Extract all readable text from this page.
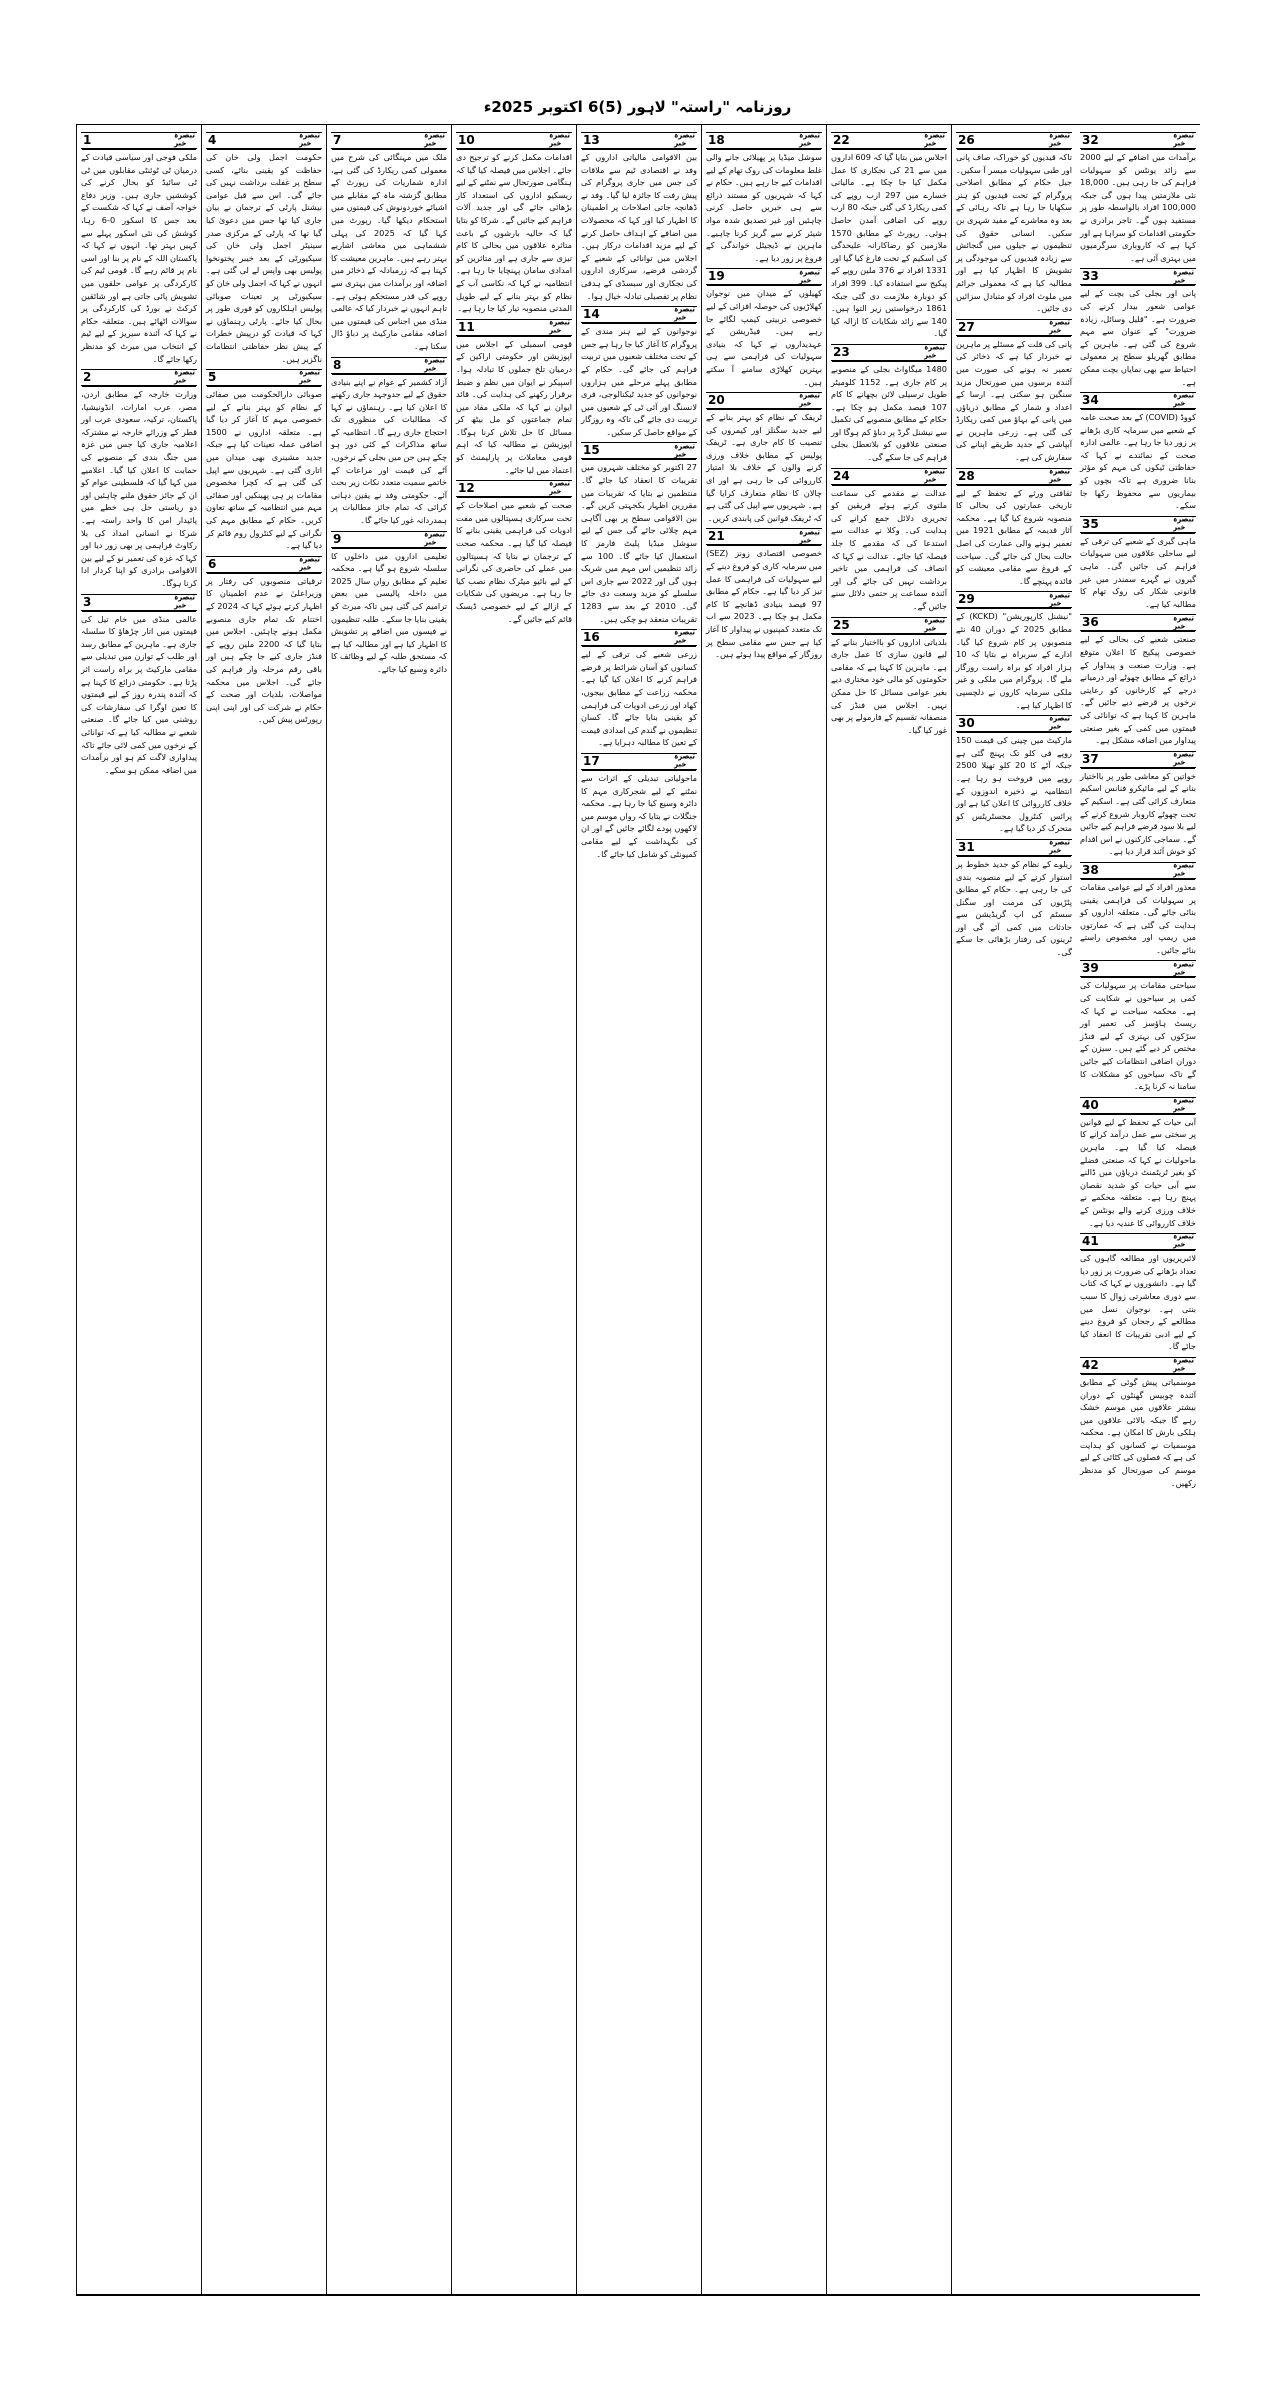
روزنامہ "راستہ" لاہور (5)6 اکتوبر 2025ء
1	تبصرہ
خبر
ملکی فوجی اور سیاسی قیادت کے درمیان ٹی ٹوئنٹی مقابلوں میں ٹی ٹی سائیڈ کو بحال کرنے کی کوششیں جاری ہیں۔ وزیر دفاع خواجہ آصف نے کہا کہ شکست کے بعد جس کا اسکور 0-6 رہا، کوشش کی نئی اسکور پہلے سے کہیں بہتر تھا۔ انہوں نے کہا کہ پاکستان اللہ کے نام پر بنا اور اسی نام پر قائم رہے گا۔ قومی ٹیم کی کارکردگی پر عوامی حلقوں میں تشویش پائی جاتی ہے اور شائقین کرکٹ نے بورڈ کی کارکردگی پر سوالات اٹھائے ہیں۔ متعلقہ حکام نے کہا کہ آئندہ سیریز کے لیے ٹیم کے انتخاب میں میرٹ کو مدنظر رکھا جائے گا۔
2	تبصرہ
خبر
وزارت خارجہ کے مطابق اردن، مصر، عرب امارات، انڈونیشیا، پاکستان، ترکیہ، سعودی عرب اور قطر کے وزرائے خارجہ نے مشترکہ اعلامیہ جاری کیا جس میں غزہ میں جنگ بندی کے منصوبے کی حمایت کا اعلان کیا گیا۔ اعلامیے میں کہا گیا کہ فلسطینی عوام کو ان کے جائز حقوق ملنے چاہئیں اور دو ریاستی حل ہی خطے میں پائیدار امن کا واحد راستہ ہے۔ شرکا نے انسانی امداد کی بلا رکاوٹ فراہمی پر بھی زور دیا اور کہا کہ غزہ کی تعمیر نو کے لیے بین الاقوامی برادری کو اپنا کردار ادا کرنا ہوگا۔
3	تبصرہ
خبر
عالمی منڈی میں خام تیل کی قیمتوں میں اتار چڑھاؤ کا سلسلہ جاری ہے۔ ماہرین کے مطابق رسد اور طلب کے توازن میں تبدیلی سے مقامی مارکیٹ پر براہ راست اثر پڑتا ہے۔ حکومتی ذرائع کا کہنا ہے کہ آئندہ پندرہ روز کے لیے قیمتوں کا تعین اوگرا کی سفارشات کی روشنی میں کیا جائے گا۔ صنعتی شعبے نے مطالبہ کیا ہے کہ توانائی کے نرخوں میں کمی لائی جائے تاکہ پیداواری لاگت کم ہو اور برآمدات میں اضافہ ممکن ہو سکے۔
4	تبصرہ
خبر
حکومت اجمل ولی خان کی حفاظت کو یقینی بنائے، کسی سطح پر غفلت برداشت نہیں کی جائے گی۔ اس سے قبل عوامی نیشنل پارٹی کے ترجمان نے بیان جاری کیا تھا جس میں دعویٰ کیا گیا تھا کہ پارٹی کے مرکزی صدر سینیٹر اجمل ولی خان کی سیکیورٹی کے بعد خیبر پختونخوا پولیس بھی واپس لے لی گئی ہے۔ انہوں نے کہا کہ اجمل ولی خان کو سیکیورٹی پر تعینات صوبائی پولیس اہلکاروں کو فوری طور پر بحال کیا جائے۔ پارٹی رہنماؤں نے کہا کہ قیادت کو درپیش خطرات کے پیش نظر حفاظتی انتظامات ناگزیر ہیں۔
5	تبصرہ
خبر
صوبائی دارالحکومت میں صفائی کے نظام کو بہتر بنانے کے لیے خصوصی مہم کا آغاز کر دیا گیا ہے۔ متعلقہ اداروں نے 1500 اضافی عملہ تعینات کیا ہے جبکہ جدید مشینری بھی میدان میں اتاری گئی ہے۔ شہریوں سے اپیل کی گئی ہے کہ کچرا مخصوص مقامات پر ہی پھینکیں اور صفائی مہم میں انتظامیہ کے ساتھ تعاون کریں۔ حکام کے مطابق مہم کی نگرانی کے لیے کنٹرول روم قائم کر دیا گیا ہے۔
6	تبصرہ
خبر
ترقیاتی منصوبوں کی رفتار پر وزیراعلیٰ نے عدم اطمینان کا اظہار کرتے ہوئے کہا کہ 2024 کے اختتام تک تمام جاری منصوبے مکمل ہونے چاہئیں۔ اجلاس میں بتایا گیا کہ 2200 ملین روپے کے فنڈز جاری کیے جا چکے ہیں اور باقی رقم مرحلہ وار فراہم کی جائے گی۔ اجلاس میں محکمہ مواصلات، بلدیات اور صحت کے حکام نے شرکت کی اور اپنی اپنی رپورٹس پیش کیں۔
7	تبصرہ
خبر
ملک میں مہنگائی کی شرح میں معمولی کمی ریکارڈ کی گئی ہے، ادارہ شماریات کی رپورٹ کے مطابق گزشتہ ماہ کے مقابلے میں اشیائے خوردونوش کی قیمتوں میں استحکام دیکھا گیا۔ رپورٹ میں کہا گیا کہ 2025 کی پہلی ششماہی میں معاشی اشاریے بہتر رہے ہیں۔ ماہرین معیشت کا کہنا ہے کہ زرمبادلہ کے ذخائر میں اضافہ اور برآمدات میں بہتری سے روپے کی قدر مستحکم ہوئی ہے۔ تاہم انہوں نے خبردار کیا کہ عالمی منڈی میں اجناس کی قیمتوں میں اضافہ مقامی مارکیٹ پر دباؤ ڈال سکتا ہے۔
8	تبصرہ
خبر
آزاد کشمیر کے عوام نے اپنے بنیادی حقوق کے لیے جدوجہد جاری رکھنے کا اعلان کیا ہے۔ رہنماؤں نے کہا کہ مطالبات کی منظوری تک احتجاج جاری رہے گا۔ انتظامیہ کے ساتھ مذاکرات کے کئی دور ہو چکے ہیں جن میں بجلی کے نرخوں، آٹے کی قیمت اور مراعات کے خاتمے سمیت متعدد نکات زیر بحث آئے۔ حکومتی وفد نے یقین دہانی کرائی کہ تمام جائز مطالبات پر ہمدردانہ غور کیا جائے گا۔
9	تبصرہ
خبر
تعلیمی اداروں میں داخلوں کا سلسلہ شروع ہو گیا ہے۔ محکمہ تعلیم کے مطابق رواں سال 2025 میں داخلہ پالیسی میں بعض ترامیم کی گئی ہیں تاکہ میرٹ کو یقینی بنایا جا سکے۔ طلبہ تنظیموں نے فیسوں میں اضافے پر تشویش کا اظہار کیا ہے اور مطالبہ کیا ہے کہ مستحق طلبہ کے لیے وظائف کا دائرہ وسیع کیا جائے۔
10	تبصرہ
خبر
اقدامات مکمل کرنے کو ترجیح دی جائے۔ اجلاس میں فیصلہ کیا گیا کہ ہنگامی صورتحال سے نمٹنے کے لیے ریسکیو اداروں کی استعداد کار بڑھائی جائے گی اور جدید آلات فراہم کیے جائیں گے۔ شرکا کو بتایا گیا کہ حالیہ بارشوں کے باعث متاثرہ علاقوں میں بحالی کا کام تیزی سے جاری ہے اور متاثرین کو امدادی سامان پہنچایا جا رہا ہے۔ انتظامیہ نے کہا کہ نکاسی آب کے نظام کو بہتر بنانے کے لیے طویل المدتی منصوبہ تیار کیا جا رہا ہے۔
11	تبصرہ
خبر
قومی اسمبلی کے اجلاس میں اپوزیشن اور حکومتی اراکین کے درمیان تلخ جملوں کا تبادلہ ہوا۔ اسپیکر نے ایوان میں نظم و ضبط برقرار رکھنے کی ہدایت کی۔ قائد ایوان نے کہا کہ ملکی مفاد میں تمام جماعتوں کو مل بیٹھ کر مسائل کا حل تلاش کرنا ہوگا۔ اپوزیشن نے مطالبہ کیا کہ اہم قومی معاملات پر پارلیمنٹ کو اعتماد میں لیا جائے۔
12	تبصرہ
خبر
صحت کے شعبے میں اصلاحات کے تحت سرکاری ہسپتالوں میں مفت ادویات کی فراہمی یقینی بنانے کا فیصلہ کیا گیا ہے۔ محکمہ صحت کے ترجمان نے بتایا کہ ہسپتالوں میں عملے کی حاضری کی نگرانی کے لیے بائیو میٹرک نظام نصب کیا جا رہا ہے۔ مریضوں کی شکایات کے ازالے کے لیے خصوصی ڈیسک قائم کیے جائیں گے۔
13	تبصرہ
خبر
بین الاقوامی مالیاتی اداروں کے وفد نے اقتصادی ٹیم سے ملاقات کی جس میں جاری پروگرام کی پیش رفت کا جائزہ لیا گیا۔ وفد نے ڈھانچہ جاتی اصلاحات پر اطمینان کا اظہار کیا اور کہا کہ محصولات میں اضافے کے اہداف حاصل کرنے کے لیے مزید اقدامات درکار ہیں۔ اجلاس میں توانائی کے شعبے کے گردشی قرضے، سرکاری اداروں کی نجکاری اور سبسڈی کے ہدفی نظام پر تفصیلی تبادلہ خیال ہوا۔
14	تبصرہ
خبر
نوجوانوں کے لیے ہنر مندی کے پروگرام کا آغاز کیا جا رہا ہے جس کے تحت مختلف شعبوں میں تربیت فراہم کی جائے گی۔ حکام کے مطابق پہلے مرحلے میں ہزاروں نوجوانوں کو جدید ٹیکنالوجی، فری لانسنگ اور آئی ٹی کے شعبوں میں تربیت دی جائے گی تاکہ وہ روزگار کے مواقع حاصل کر سکیں۔
15	تبصرہ
خبر
27 اکتوبر کو مختلف شہروں میں تقریبات کا انعقاد کیا جائے گا۔ منتظمین نے بتایا کہ تقریبات میں مقررین اظہار یکجہتی کریں گے۔ بین الاقوامی سطح پر بھی آگاہی مہم چلائی جائے گی جس کے لیے سوشل میڈیا پلیٹ فارمز کا استعمال کیا جائے گا۔ 100 سے زائد تنظیمیں اس مہم میں شریک ہوں گی اور 2022 سے جاری اس سلسلے کو مزید وسعت دی جائے گی۔ 2010 کے بعد سے 1283 تقریبات منعقد ہو چکی ہیں۔
16	تبصرہ
خبر
زرعی شعبے کی ترقی کے لیے کسانوں کو آسان شرائط پر قرضے فراہم کرنے کا اعلان کیا گیا ہے۔ محکمہ زراعت کے مطابق بیجوں، کھاد اور زرعی ادویات کی فراہمی کو یقینی بنایا جائے گا۔ کسان تنظیموں نے گندم کی امدادی قیمت کے تعین کا مطالبہ دہرایا ہے۔
17	تبصرہ
خبر
ماحولیاتی تبدیلی کے اثرات سے نمٹنے کے لیے شجرکاری مہم کا دائرہ وسیع کیا جا رہا ہے۔ محکمہ جنگلات نے بتایا کہ رواں موسم میں لاکھوں پودے لگائے جائیں گے اور ان کی نگہداشت کے لیے مقامی کمیونٹی کو شامل کیا جائے گا۔
18	تبصرہ
خبر
سوشل میڈیا پر پھیلائی جانے والی غلط معلومات کی روک تھام کے لیے اقدامات کیے جا رہے ہیں۔ حکام نے کہا کہ شہریوں کو مستند ذرائع سے ہی خبریں حاصل کرنی چاہئیں اور غیر تصدیق شدہ مواد شیئر کرنے سے گریز کرنا چاہیے۔ ماہرین نے ڈیجیٹل خواندگی کے فروغ پر زور دیا ہے۔
19	تبصرہ
خبر
کھیلوں کے میدان میں نوجوان کھلاڑیوں کی حوصلہ افزائی کے لیے خصوصی تربیتی کیمپ لگائے جا رہے ہیں۔ فیڈریشن کے عہدیداروں نے کہا کہ بنیادی سہولیات کی فراہمی سے ہی بہترین کھلاڑی سامنے آ سکتے ہیں۔
20	تبصرہ
خبر
ٹریفک کے نظام کو بہتر بنانے کے لیے جدید سگنلز اور کیمروں کی تنصیب کا کام جاری ہے۔ ٹریفک پولیس کے مطابق خلاف ورزی کرنے والوں کے خلاف بلا امتیاز کارروائی کی جا رہی ہے اور ای چالان کا نظام متعارف کرایا گیا ہے۔ شہریوں سے اپیل کی گئی ہے کہ ٹریفک قوانین کی پابندی کریں۔
21	تبصرہ
خبر
خصوصی اقتصادی زونز (SEZ) میں سرمایہ کاری کو فروغ دینے کے لیے سہولیات کی فراہمی کا عمل تیز کر دیا گیا ہے۔ حکام کے مطابق 97 فیصد بنیادی ڈھانچے کا کام مکمل ہو چکا ہے۔ 2023 سے اب تک متعدد کمپنیوں نے پیداوار کا آغاز کیا ہے جس سے مقامی سطح پر روزگار کے مواقع پیدا ہوئے ہیں۔
22	تبصرہ
خبر
اجلاس میں بتایا گیا کہ 609 اداروں میں سے 21 کی نجکاری کا عمل مکمل کیا جا چکا ہے۔ مالیاتی خسارے میں 297 ارب روپے کی کمی ریکارڈ کی گئی جبکہ 80 ارب روپے کی اضافی آمدن حاصل ہوئی۔ رپورٹ کے مطابق 1570 ملازمین کو رضاکارانہ علیحدگی کی اسکیم کے تحت فارغ کیا گیا اور 1331 افراد نے 376 ملین روپے کے پیکیج سے استفادہ کیا۔ 399 افراد کو دوبارہ ملازمت دی گئی جبکہ 1861 درخواستیں زیر التوا ہیں۔ 140 سے زائد شکایات کا ازالہ کیا گیا۔
23	تبصرہ
خبر
1480 میگاواٹ بجلی کے منصوبے پر کام جاری ہے۔ 1152 کلومیٹر طویل ترسیلی لائن بچھانے کا کام 107 فیصد مکمل ہو چکا ہے۔ حکام کے مطابق منصوبے کی تکمیل سے نیشنل گرڈ پر دباؤ کم ہوگا اور صنعتی علاقوں کو بلاتعطل بجلی فراہم کی جا سکے گی۔
24	تبصرہ
خبر
عدالت نے مقدمے کی سماعت ملتوی کرتے ہوئے فریقین کو تحریری دلائل جمع کرانے کی ہدایت کی۔ وکلا نے عدالت سے استدعا کی کہ مقدمے کا جلد فیصلہ کیا جائے۔ عدالت نے کہا کہ انصاف کی فراہمی میں تاخیر برداشت نہیں کی جائے گی اور آئندہ سماعت پر حتمی دلائل سنے جائیں گے۔
25	تبصرہ
خبر
بلدیاتی اداروں کو بااختیار بنانے کے لیے قانون سازی کا عمل جاری ہے۔ ماہرین کا کہنا ہے کہ مقامی حکومتوں کو مالی خود مختاری دیے بغیر عوامی مسائل کا حل ممکن نہیں۔ اجلاس میں فنڈز کی منصفانہ تقسیم کے فارمولے پر بھی غور کیا گیا۔
26	تبصرہ
خبر
تاکہ قیدیوں کو خوراک، صاف پانی اور طبی سہولیات میسر آ سکیں۔ جیل حکام کے مطابق اصلاحی پروگرام کے تحت قیدیوں کو ہنر سکھایا جا رہا ہے تاکہ رہائی کے بعد وہ معاشرے کے مفید شہری بن سکیں۔ انسانی حقوق کی تنظیموں نے جیلوں میں گنجائش سے زیادہ قیدیوں کی موجودگی پر تشویش کا اظہار کیا ہے اور مطالبہ کیا ہے کہ معمولی جرائم میں ملوث افراد کو متبادل سزائیں دی جائیں۔
27	تبصرہ
خبر
پانی کی قلت کے مسئلے پر ماہرین نے خبردار کیا ہے کہ ذخائر کی تعمیر نہ ہونے کی صورت میں آئندہ برسوں میں صورتحال مزید سنگین ہو سکتی ہے۔ ارسا کے اعداد و شمار کے مطابق دریاؤں میں پانی کے بہاؤ میں کمی ریکارڈ کی گئی ہے۔ زرعی ماہرین نے آبپاشی کے جدید طریقے اپنانے کی سفارش کی ہے۔
28	تبصرہ
خبر
ثقافتی ورثے کے تحفظ کے لیے تاریخی عمارتوں کی بحالی کا منصوبہ شروع کیا گیا ہے۔ محکمہ آثار قدیمہ کے مطابق 1921 میں تعمیر ہونے والی عمارت کی اصل حالت بحال کی جائے گی۔ سیاحت کے فروغ سے مقامی معیشت کو فائدہ پہنچے گا۔
29	تبصرہ
خبر
"نیشنل کارپوریشن" (KCKD) کے مطابق 2025 کے دوران 40 نئے منصوبوں پر کام شروع کیا گیا۔ ادارے کے سربراہ نے بتایا کہ 10 ہزار افراد کو براہ راست روزگار ملے گا۔ پروگرام میں ملکی و غیر ملکی سرمایہ کاروں نے دلچسپی کا اظہار کیا ہے۔
30	تبصرہ
خبر
مارکیٹ میں چینی کی قیمت 150 روپے فی کلو تک پہنچ گئی ہے جبکہ آٹے کا 20 کلو تھیلا 2500 روپے میں فروخت ہو رہا ہے۔ انتظامیہ نے ذخیرہ اندوزوں کے خلاف کارروائی کا اعلان کیا ہے اور پرائس کنٹرول مجسٹریٹس کو متحرک کر دیا گیا ہے۔
31	تبصرہ
خبر
ریلوے کے نظام کو جدید خطوط پر استوار کرنے کے لیے منصوبہ بندی کی جا رہی ہے۔ حکام کے مطابق پٹڑیوں کی مرمت اور سگنل سسٹم کی اپ گریڈیشن سے حادثات میں کمی آئے گی اور ٹرینوں کی رفتار بڑھائی جا سکے گی۔
32	تبصرہ
خبر
برآمدات میں اضافے کے لیے 2000 سے زائد یونٹس کو سہولیات فراہم کی جا رہی ہیں۔ 18,000 نئی ملازمتیں پیدا ہوں گی جبکہ 100,000 افراد بالواسطہ طور پر مستفید ہوں گے۔ تاجر برادری نے حکومتی اقدامات کو سراہا ہے اور کہا ہے کہ کاروباری سرگرمیوں میں بہتری آئی ہے۔
33	تبصرہ
خبر
پانی اور بجلی کی بچت کے لیے عوامی شعور بیدار کرنے کی ضرورت ہے۔ "قلیل وسائل، زیادہ ضرورت" کے عنوان سے مہم شروع کی گئی ہے۔ ماہرین کے مطابق گھریلو سطح پر معمولی احتیاط سے بھی نمایاں بچت ممکن ہے۔
34	تبصرہ
خبر
کووڈ (COVID) کے بعد صحت عامہ کے شعبے میں سرمایہ کاری بڑھانے پر زور دیا جا رہا ہے۔ عالمی ادارہ صحت کے نمائندے نے کہا کہ حفاظتی ٹیکوں کی مہم کو مؤثر بنانا ضروری ہے تاکہ بچوں کو بیماریوں سے محفوظ رکھا جا سکے۔
35	تبصرہ
خبر
ماہی گیری کے شعبے کی ترقی کے لیے ساحلی علاقوں میں سہولیات فراہم کی جائیں گی۔ ماہی گیروں نے گہرے سمندر میں غیر قانونی شکار کی روک تھام کا مطالبہ کیا ہے۔
36	تبصرہ
خبر
صنعتی شعبے کی بحالی کے لیے خصوصی پیکیج کا اعلان متوقع ہے۔ وزارت صنعت و پیداوار کے ذرائع کے مطابق چھوٹے اور درمیانے درجے کے کارخانوں کو رعایتی نرخوں پر قرضے دیے جائیں گے۔ ماہرین کا کہنا ہے کہ توانائی کی قیمتوں میں کمی کے بغیر صنعتی پیداوار میں اضافہ مشکل ہے۔
37	تبصرہ
خبر
خواتین کو معاشی طور پر بااختیار بنانے کے لیے مائیکرو فنانس اسکیم متعارف کرائی گئی ہے۔ اسکیم کے تحت چھوٹے کاروبار شروع کرنے کے لیے بلا سود قرضے فراہم کیے جائیں گے۔ سماجی کارکنوں نے اس اقدام کو خوش آئند قرار دیا ہے۔
38	تبصرہ
خبر
معذور افراد کے لیے عوامی مقامات پر سہولیات کی فراہمی یقینی بنائی جائے گی۔ متعلقہ اداروں کو ہدایت کی گئی ہے کہ عمارتوں میں ریمپ اور مخصوص راستے بنائے جائیں۔
39	تبصرہ
خبر
سیاحتی مقامات پر سہولیات کی کمی پر سیاحوں نے شکایت کی ہے۔ محکمہ سیاحت نے کہا کہ ریسٹ ہاؤسز کی تعمیر اور سڑکوں کی بہتری کے لیے فنڈز مختص کر دیے گئے ہیں۔ سیزن کے دوران اضافی انتظامات کیے جائیں گے تاکہ سیاحوں کو مشکلات کا سامنا نہ کرنا پڑے۔
40	تبصرہ
خبر
آبی حیات کے تحفظ کے لیے قوانین پر سختی سے عمل درآمد کرانے کا فیصلہ کیا گیا ہے۔ ماہرین ماحولیات نے کہا کہ صنعتی فضلے کو بغیر ٹریٹمنٹ دریاؤں میں ڈالنے سے آبی حیات کو شدید نقصان پہنچ رہا ہے۔ متعلقہ محکمے نے خلاف ورزی کرنے والے یونٹس کے خلاف کارروائی کا عندیہ دیا ہے۔
41	تبصرہ
خبر
لائبریریوں اور مطالعہ گاہوں کی تعداد بڑھانے کی ضرورت پر زور دیا گیا ہے۔ دانشوروں نے کہا کہ کتاب سے دوری معاشرتی زوال کا سبب بنتی ہے۔ نوجوان نسل میں مطالعے کے رجحان کو فروغ دینے کے لیے ادبی تقریبات کا انعقاد کیا جائے گا۔
42	تبصرہ
خبر
موسمیاتی پیش گوئی کے مطابق آئندہ چوبیس گھنٹوں کے دوران بیشتر علاقوں میں موسم خشک رہے گا جبکہ بالائی علاقوں میں ہلکی بارش کا امکان ہے۔ محکمہ موسمیات نے کسانوں کو ہدایت کی ہے کہ فصلوں کی کٹائی کے لیے موسم کی صورتحال کو مدنظر رکھیں۔
